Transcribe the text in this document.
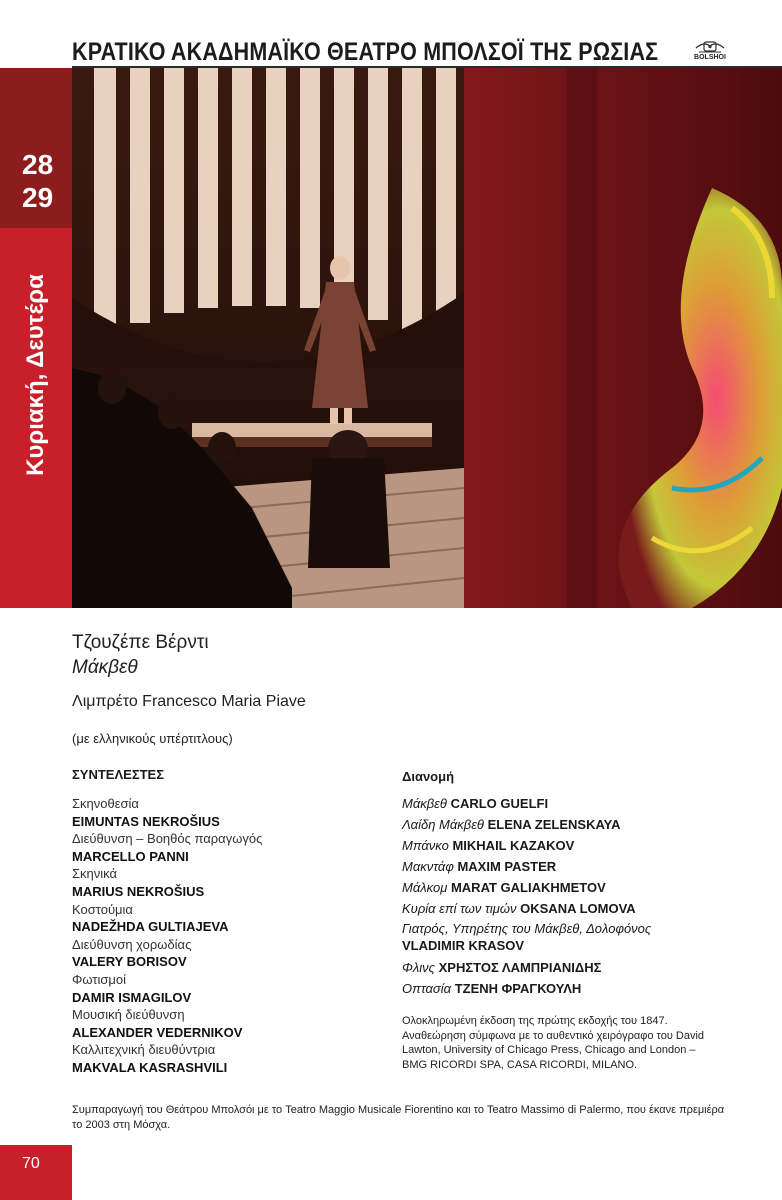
ΚΡΑΤΙΚΟ ΑΚΑΔΗΜΑΪΚΟ ΘΕΑΤΡΟ ΜΠΟΛΣΟΪ ΤΗΣ ΡΩΣΙΑΣ	BOLSHOI
28
29
Κυριακή, Δευτέρα
Τζουζέπε Βέρντι
Μάκβεθ
Λιμπρέτο Francesco Maria Piave
(με ελληνικούς υπέρτιτλους)
ΣΥΝΤΕΛΕΣΤΕΣ
Σκηνοθεσία
EIMUNTAS NEKROŠIUS
Διεύθυνση – Βοηθός παραγωγός
MARCELLO PANNI
Σκηνικά
MARIUS NEKROŠIUS
Κοστούμια
NADEŽHDA GULTIAJEVA
Διεύθυνση χορωδίας
VALERY BORISOV
Φωτισμοί
DAMIR ISMAGILOV
Μουσική διεύθυνση
ALEXANDER VEDERNIKOV
Καλλιτεχνική διευθύντρια
MAKVALA KASRASHVILI
Διανομή
Μάκβεθ CARLO GUELFI
Λαίδη Μάκβεθ ELENA ZELENSKAYA
Μπάνκο MIKHAIL KAZAKOV
Μακντάφ MAXIM PASTER
Μάλκομ MARAT GALIAKHMETOV
Κυρία επί των τιμών OKSANA LOMOVA
Γιατρός, Υπηρέτης του Μάκβεθ, Δολοφόνος
VLADIMIR KRASOV
Φλινς ΧΡΗΣΤΟΣ ΛΑΜΠΡΙΑΝΙΔΗΣ
Οπτασία ΤΖΕΝΗ ΦΡΑΓΚΟΥΛΗ
Ολοκληρωμένη έκδοση της πρώτης εκδοχής του 1847. Αναθεώρηση σύμφωνα με το αυθεντικό χειρόγραφο του David Lawton, University of Chicago Press, Chicago and London – BMG RICORDI SPA, CASA RICORDI, MILANO.
Συμπαραγωγή του Θεάτρου Μπολσόι με το Teatro Maggio Musicale Fiorentino και το Teatro Massimo di Palermo, που έκανε πρεμιέρα το 2003 στη Μόσχα.
70
